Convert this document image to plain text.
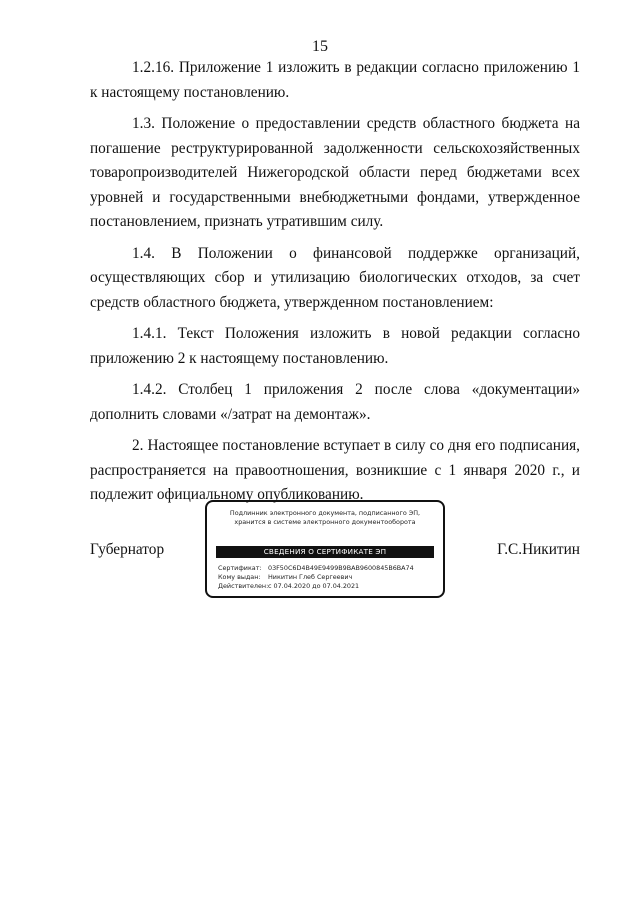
15

1.2.16. Приложение 1 изложить в редакции согласно приложению 1 к настоящему постановлению.

1.3. Положение о предоставлении средств областного бюджета на погашение реструктурированной задолженности сельскохозяйственных товаропроизводителей Нижегородской области перед бюджетами всех уровней и государственными внебюджетными фондами, утвержденное постановлением, признать утратившим силу.

1.4. В Положении о финансовой поддержке организаций, осуществляющих сбор и утилизацию биологических отходов, за счет средств областного бюджета, утвержденном постановлением:

1.4.1. Текст Положения изложить в новой редакции согласно приложению 2 к настоящему постановлению.

1.4.2. Столбец 1 приложения 2 после слова «документации» дополнить словами «/затрат на демонтаж».

2. Настоящее постановление вступает в силу со дня его подписания, распространяется на правоотношения, возникшие с 1 января 2020 г., и подлежит официальному опубликованию.

Губернатор
Подлинник электронного документа, подписанного ЭП,
хранится в системе электронного документооборота
СВЕДЕНИЯ О СЕРТИФИКАТЕ ЭП
Сертификат: 03F50C6D4B49E9499B9BAB9600845B6BA74
Кому выдан: Никитин Глеб Сергеевич
Действителен:с 07.04.2020 до 07.04.2021
Г.С.Никитин
